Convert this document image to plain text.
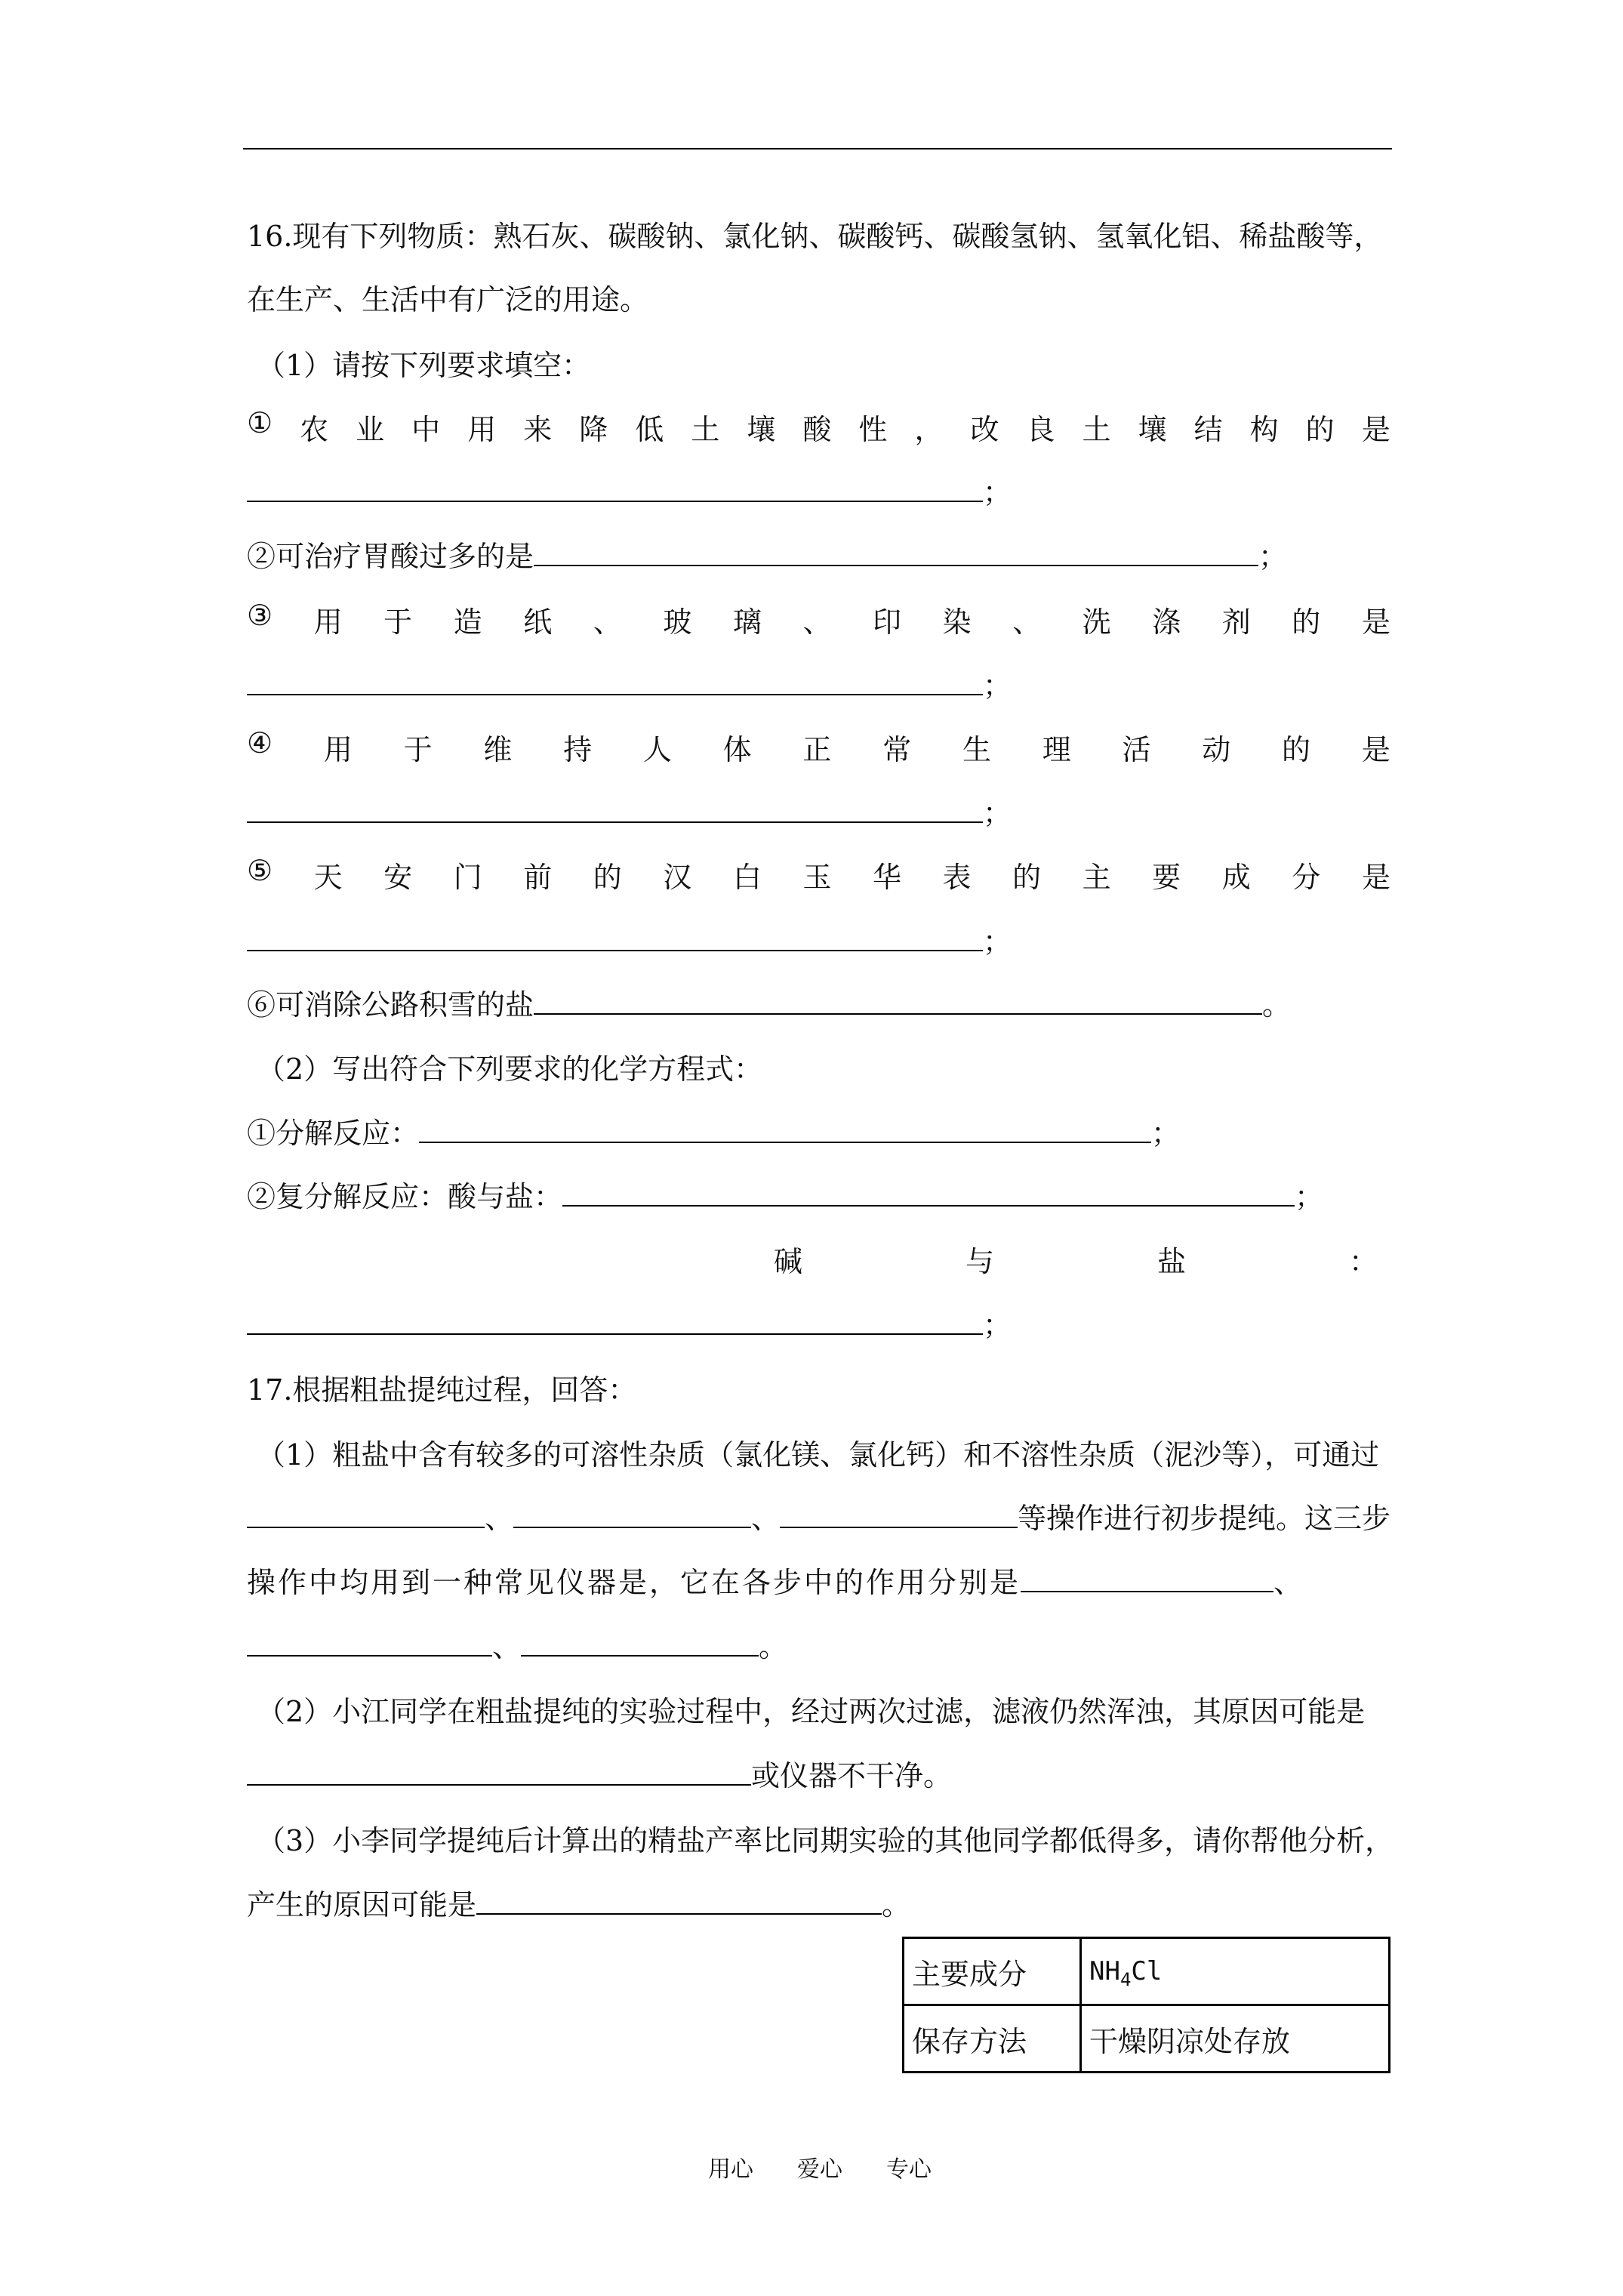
16.现有下列物质：熟石灰、碳酸钠、氯化钠、碳酸钙、碳酸氢钠、氢氧化铝、稀盐酸等，
在生产、生活中有广泛的用途。
（1）请按下列要求填空：
① 农 业 中 用 来 降 低 土 壤 酸 性 ， 改 良 土 壤 结 构 的 是
；
②可治疗胃酸过多的是	；
③ 用 于 造 纸 、 玻 璃 、 印 染 、 洗 涤 剂 的 是
；
④ 用 于 维 持 人 体 正 常 生 理 活 动 的 是
；
⑤ 天 安 门 前 的 汉 白 玉 华 表 的 主 要 成 分 是
；
⑥可消除公路积雪的盐	。
（2）写出符合下列要求的化学方程式：
①分解反应：	；
②复分解反应：酸与盐：	；
碱	与	盐	：
；
17.根据粗盐提纯过程，回答：
（1）粗盐中含有较多的可溶性杂质（氯化镁、氯化钙）和不溶性杂质（泥沙等），可通过
、	、	等操作进行初步提纯。这三步
操作中均用到一种常见仪器是，它在各步中的作用分别是	、
、	。
（2）小江同学在粗盐提纯的实验过程中，经过两次过滤，滤液仍然浑浊，其原因可能是
或仪器不干净。
（3）小李同学提纯后计算出的精盐产率比同期实验的其他同学都低得多，请你帮他分析，
产生的原因可能是	。
主要成分	$NH_4Cl$
保存方法	干燥阴凉处存放
用心 爱心 专心
